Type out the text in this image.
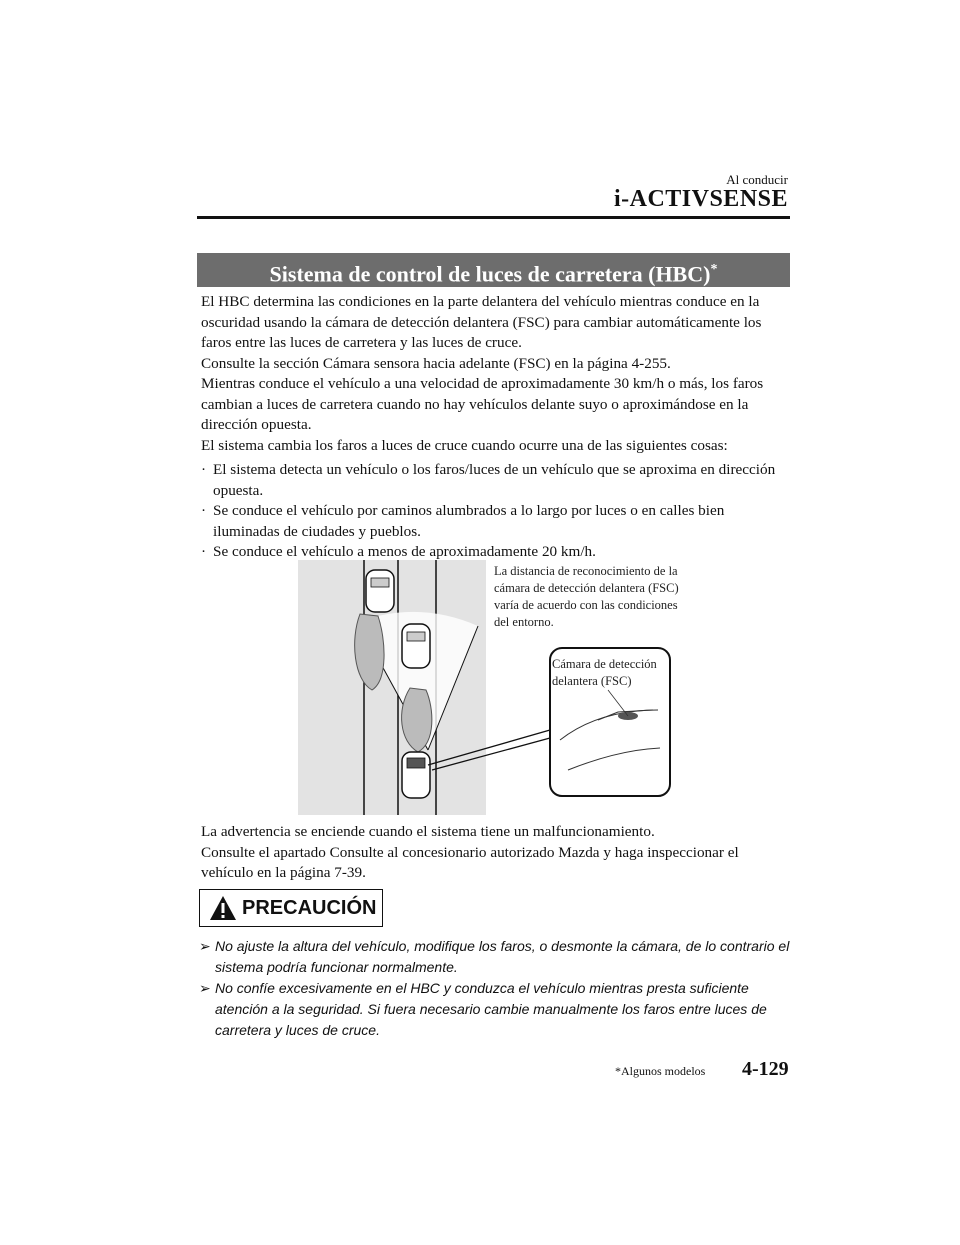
Al conducir
i-ACTIVSENSE
Sistema de control de luces de carretera (HBC)*

El HBC determina las condiciones en la parte delantera del vehículo mientras conduce en la oscuridad usando la cámara de detección delantera (FSC) para cambiar automáticamente los faros entre las luces de carretera y las luces de cruce.

Consulte la sección Cámara sensora hacia adelante (FSC) en la página 4-255.

Mientras conduce el vehículo a una velocidad de aproximadamente 30 km/h o más, los faros cambian a luces de carretera cuando no hay vehículos delante suyo o aproximándose en la dirección opuesta.

El sistema cambia los faros a luces de cruce cuando ocurre una de las siguientes cosas:

· El sistema detecta un vehículo o los faros/luces de un vehículo que se aproxima en dirección opuesta.
· Se conduce el vehículo por caminos alumbrados a lo largo por luces o en calles bien iluminadas de ciudades y pueblos.
· Se conduce el vehículo a menos de aproximadamente 20 km/h.
La distancia de reconocimiento de la cámara de detección delantera (FSC) varía de acuerdo con las condiciones del entorno.
Cámara de detección delantera (FSC)

La advertencia se enciende cuando el sistema tiene un malfuncionamiento.

Consulte el apartado Consulte al concesionario autorizado Mazda y haga inspeccionar el vehículo en la página 7-39.

PRECAUCIÓN
➢ No ajuste la altura del vehículo, modifique los faros, o desmonte la cámara, de lo contrario el sistema podría funcionar normalmente.
➢ No confíe excesivamente en el HBC y conduzca el vehículo mientras presta suficiente atención a la seguridad. Si fuera necesario cambie manualmente los faros entre luces de carretera y luces de cruce.
*Algunos modelos 4-129
